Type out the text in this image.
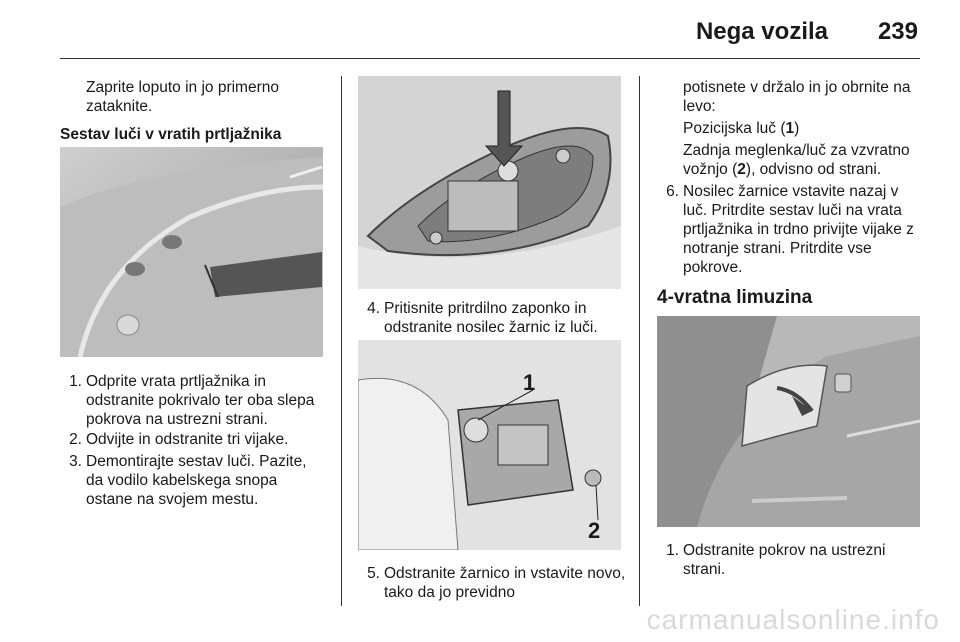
Nega vozila 239
Zaprite loputo in jo primerno zataknite.
Sestav luči v vratih prtljažnika
1. Odprite vrata prtljažnika in odstranite pokrivalo ter oba slepa pokrova na ustrezni strani.
2. Odvijte in odstranite tri vijake.
3. Demontirajte sestav luči. Pazite, da vodilo kabelskega snopa ostane na svojem mestu.
4. Pritisnite pritrdilno zaponko in odstranite nosilec žarnic iz luči.
1
2
5. Odstranite žarnico in vstavite novo, tako da jo previdno
potisnete v držalo in jo obrnite na levo:
Pozicijska luč (1)
Zadnja meglenka/luč za vzvratno vožnjo (2), odvisno od strani.
6. Nosilec žarnice vstavite nazaj v luč. Pritrdite sestav luči na vrata prtljažnika in trdno privijte vijake z notranje strani. Pritrdite vse pokrove.
4-vratna limuzina
1. Odstranite pokrov na ustrezni strani.
carmanualsonline.info
